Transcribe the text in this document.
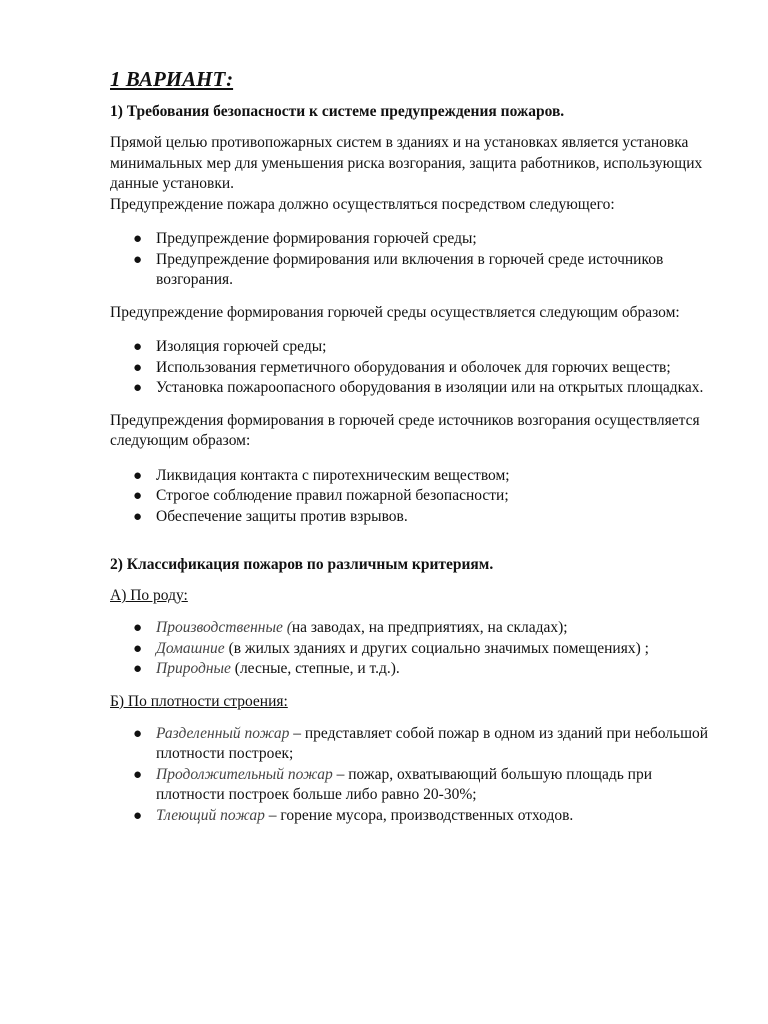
1 ВАРИАНТ:
1) Требования безопасности к системе предупреждения пожаров.

Прямой целью противопожарных систем в зданиях и на установках является установка минимальных мер для уменьшения риска возгорания, защита работников, использующих данные установки.

Предупреждение пожара должно осуществляться посредством следующего:

● Предупреждение формирования горючей среды;
● Предупреждение формирования или включения в горючей среде источников возгорания.

Предупреждение формирования горючей среды осуществляется следующим образом:

● Изоляция горючей среды;
● Использования герметичного оборудования и оболочек для горючих веществ;
● Установка пожароопасного оборудования в изоляции или на открытых площадках.

Предупреждения формирования в горючей среде источников возгорания осуществляется следующим образом:

● Ликвидация контакта с пиротехническим веществом;
● Строгое соблюдение правил пожарной безопасности;
● Обеспечение защиты против взрывов.
2) Классификация пожаров по различным критериям.
А) По роду:
● Производственные (на заводах, на предприятиях, на складах);
● Домашние (в жилых зданиях и других социально значимых помещениях) ;
● Природные (лесные, степные, и т.д.).
Б) По плотности строения:
● Разделенный пожар – представляет собой пожар в одном из зданий при небольшой плотности построек;
● Продолжительный пожар – пожар, охватывающий большую площадь при плотности построек больше либо равно 20-30%;
● Тлеющий пожар – горение мусора, производственных отходов.
